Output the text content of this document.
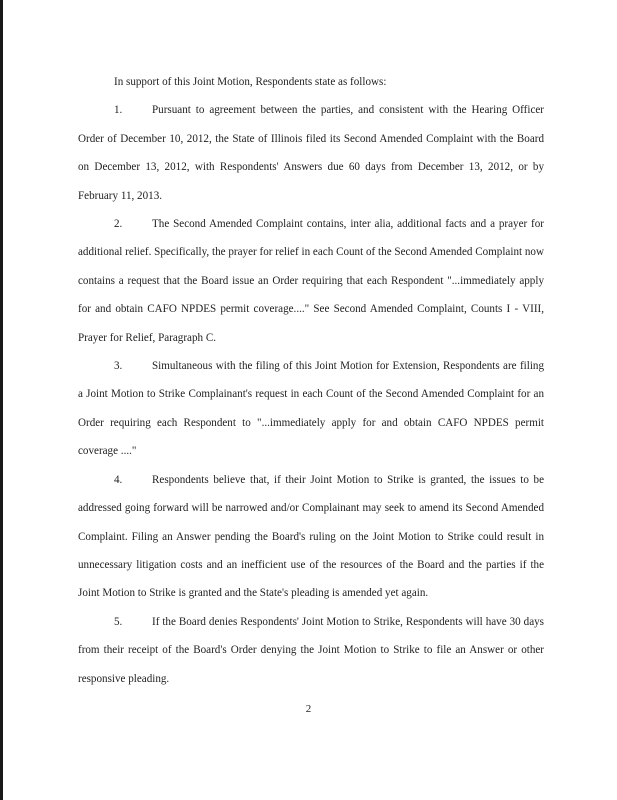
In support of this Joint Motion, Respondents state as follows:

1.	Pursuant to agreement between the parties, and consistent with the Hearing Officer Order of December 10, 2012, the State of Illinois filed its Second Amended Complaint with the Board on December 13, 2012, with Respondents' Answers due 60 days from December 13, 2012, or by February 11, 2013.

2.	The Second Amended Complaint contains, inter alia, additional facts and a prayer for additional relief. Specifically, the prayer for relief in each Count of the Second Amended Complaint now contains a request that the Board issue an Order requiring that each Respondent "...immediately apply for and obtain CAFO NPDES permit coverage...." See Second Amended Complaint, Counts I - VIII, Prayer for Relief, Paragraph C.

3.	Simultaneous with the filing of this Joint Motion for Extension, Respondents are filing a Joint Motion to Strike Complainant's request in each Count of the Second Amended Complaint for an Order requiring each Respondent to "...immediately apply for and obtain CAFO NPDES permit coverage ...."

4.	Respondents believe that, if their Joint Motion to Strike is granted, the issues to be addressed going forward will be narrowed and/or Complainant may seek to amend its Second Amended Complaint. Filing an Answer pending the Board's ruling on the Joint Motion to Strike could result in unnecessary litigation costs and an inefficient use of the resources of the Board and the parties if the Joint Motion to Strike is granted and the State's pleading is amended yet again.

5.	If the Board denies Respondents' Joint Motion to Strike, Respondents will have 30 days from their receipt of the Board's Order denying the Joint Motion to Strike to file an Answer or other responsive pleading.

2
